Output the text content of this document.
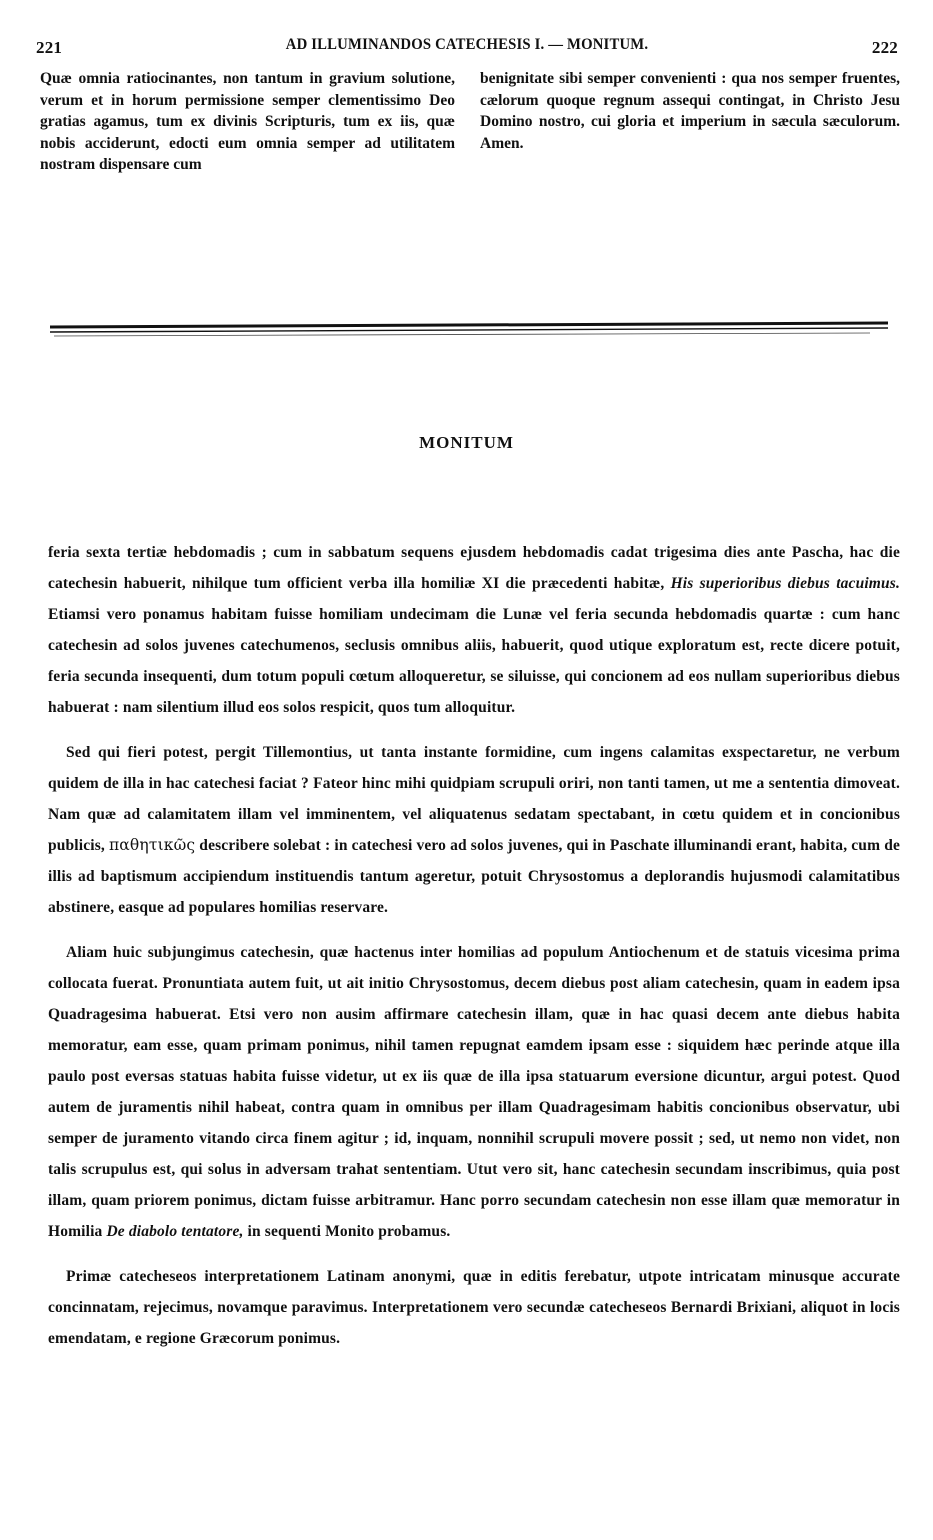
221	AD ILLUMINANDOS CATECHESIS I. — MONITUM.	222

Quæ omnia ratiocinantes, non tantum in gravium solutione, verum et in horum permissione semper clementissimo Deo gratias agamus, tum ex divinis Scripturis, tum ex iis, quæ nobis acciderunt, edocti eum omnia semper ad utilitatem nostram dispensare cum

benignitate sibi semper convenienti : qua nos semper fruentes, cælorum quoque regnum assequi contingat, in Christo Jesu Domino nostro, cui gloria et imperium in sæcula sæculorum. Amen.

MONITUM

feria sexta tertiæ hebdomadis ; cum in sabbatum sequens ejusdem hebdomadis cadat trigesima dies ante Pascha, hac die catechesin habuerit, nihilque tum officient verba illa homiliæ XI die præcedenti habitæ, His superioribus diebus tacuimus. Etiamsi vero ponamus habitam fuisse homiliam undecimam die Lunæ vel feria secunda hebdomadis quartæ : cum hanc catechesin ad solos juvenes catechumenos, seclusis omnibus aliis, habuerit, quod utique exploratum est, recte dicere potuit, feria secunda insequenti, dum totum populi cœtum alloqueretur, se siluisse, qui concionem ad eos nullam superioribus diebus habuerat : nam silentium illud eos solos respicit, quos tum alloquitur.

Sed qui fieri potest, pergit Tillemontius, ut tanta instante formidine, cum ingens calamitas exspectaretur, ne verbum quidem de illa in hac catechesi faciat ? Fateor hinc mihi quidpiam scrupuli oriri, non tanti tamen, ut me a sententia dimoveat. Nam quæ ad calamitatem illam vel imminentem, vel aliquatenus sedatam spectabant, in cœtu quidem et in concionibus publicis, παθητικῶς describere solebat : in catechesi vero ad solos juvenes, qui in Paschate illuminandi erant, habita, cum de illis ad baptismum accipiendum instituendis tantum ageretur, potuit Chrysostomus a deplorandis hujusmodi calamitatibus abstinere, easque ad populares homilias reservare.

Aliam huic subjungimus catechesin, quæ hactenus inter homilias ad populum Antiochenum et de statuis vicesima prima collocata fuerat. Pronuntiata autem fuit, ut ait initio Chrysostomus, decem diebus post aliam catechesin, quam in eadem ipsa Quadragesima habuerat. Etsi vero non ausim affirmare catechesin illam, quæ in hac quasi decem ante diebus habita memoratur, eam esse, quam primam ponimus, nihil tamen repugnat eamdem ipsam esse : siquidem hæc perinde atque illa paulo post eversas statuas habita fuisse videtur, ut ex iis quæ de illa ipsa statuarum eversione dicuntur, argui potest. Quod autem de juramentis nihil habeat, contra quam in omnibus per illam Quadragesimam habitis concionibus observatur, ubi semper de juramento vitando circa finem agitur ; id, inquam, nonnihil scrupuli movere possit ; sed, ut nemo non videt, non talis scrupulus est, qui solus in adversam trahat sententiam. Utut vero sit, hanc catechesin secundam inscribimus, quia post illam, quam priorem ponimus, dictam fuisse arbitramur. Hanc porro secundam catechesin non esse illam quæ memoratur in Homilia De diabolo tentatore, in sequenti Monito probamus.

Primæ catecheseos interpretationem Latinam anonymi, quæ in editis ferebatur, utpote intricatam minusque accurate concinnatam, rejecimus, novamque paravimus. Interpretationem vero secundæ catecheseos Bernardi Brixiani, aliquot in locis emendatam, e regione Græcorum ponimus.
